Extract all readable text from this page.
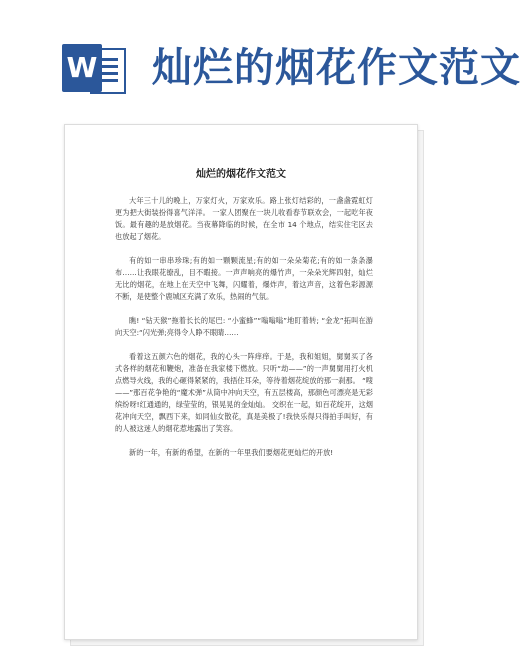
W 灿烂的烟花作文范文
灿烂的烟花作文范文

大年三十儿的晚上，万家灯火，万家欢乐。路上张灯结彩的，一盏盏霓虹灯更为把大街装扮得喜气洋洋。 一家人团聚在一块儿收看春节联欢会，一起吃年夜饭。最有趣的是放烟花。当夜幕降临的时候，在全市 14 个地点，结实住宅区去也放起了烟花。

有的如一串串珍珠;有的如一颗颗流星;有的如一朵朵菊花;有的如一条条瀑布……让我眼花缭乱，目不暇接。一声声响亮的爆竹声，一朵朵光辉四射，灿烂无比的烟花，在地上在天空中飞舞，闪耀着，爆炸声，着这声音，这着色彩源源不断，是使整个鹿城区充满了欢乐，热闹的气氛。

瞧! “钻天猴”拖着长长的尾巴: “小蜜蜂”“嗡嗡嗡”地盯着转; “金龙”拓叫在游向天空:“闪光弹;亮得令人睁不眼睛……

看着这五颜六色的烟花，我的心头一阵痒痒。于是，我和姐姐，舅舅买了各式各样的烟花和鞭炮，准备在我家楼下燃放。只听“劫——”的一声舅舅用打火机点燃导火线，我的心砸得紧紧的，我捂住耳朵，等待着烟花绽放的那一刹那。 “嗖——”那百花争艳的“魔术弹”从筒中冲向天空，有五层楼高，那颜色可漂亮是无彩缤纷呀!红通通的，绿莹莹的，银晃晃的金灿灿。 交织在一起，如百花绽开，这烟花冲向天空，飘西下来，如同仙女散花，真是美极了!我快乐得只得拍手叫好，有的人被这迷人的烟花惹地露出了笑容。

新的一年，有新的希望，在新的一年里我们要烟花更灿烂的开放!
